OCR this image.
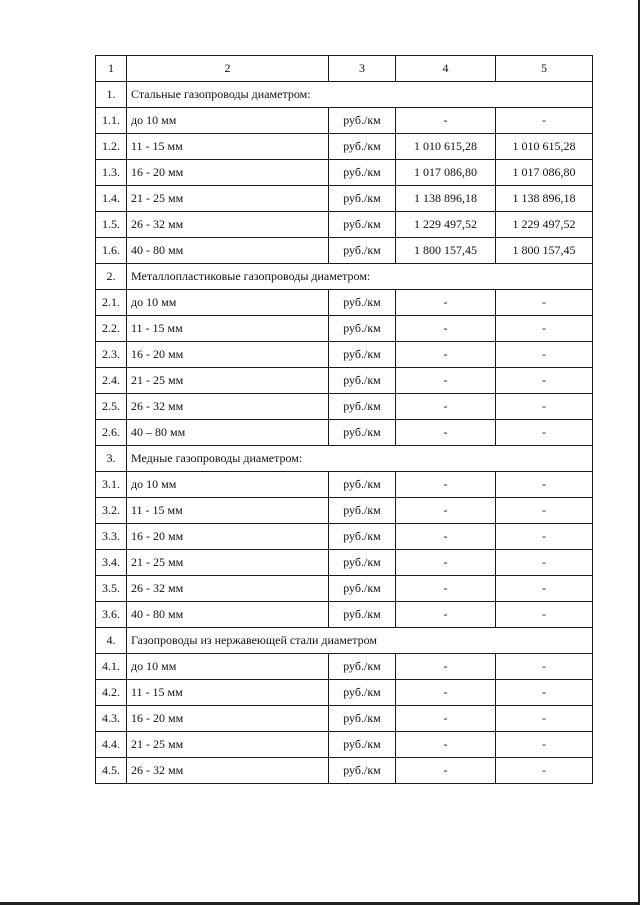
1	2	3	4	5
1.	Стальные газопроводы диаметром:			
1.1.	до 10 мм	руб./км	-	-
1.2.	11 - 15 мм	руб./км	1 010 615,28	1 010 615,28
1.3.	16 - 20 мм	руб./км	1 017 086,80	1 017 086,80
1.4.	21 - 25 мм	руб./км	1 138 896,18	1 138 896,18
1.5.	26 - 32 мм	руб./км	1 229 497,52	1 229 497,52
1.6.	40 - 80 мм	руб./км	1 800 157,45	1 800 157,45
2.	Металлопластиковые газопроводы диаметром:			
2.1.	до 10 мм	руб./км	-	-
2.2.	11 - 15 мм	руб./км	-	-
2.3.	16 - 20 мм	руб./км	-	-
2.4.	21 - 25 мм	руб./км	-	-
2.5.	26 - 32 мм	руб./км	-	-
2.6.	40 – 80 мм	руб./км	-	-
3.	Медные газопроводы диаметром:			
3.1.	до 10 мм	руб./км	-	-
3.2.	11 - 15 мм	руб./км	-	-
3.3.	16 - 20 мм	руб./км	-	-
3.4.	21 - 25 мм	руб./км	-	-
3.5.	26 - 32 мм	руб./км	-	-
3.6.	40 - 80 мм	руб./км	-	-
4.	Газопроводы из нержавеющей стали диаметром			
4.1.	до 10 мм	руб./км	-	-
4.2.	11 - 15 мм	руб./км	-	-
4.3.	16 - 20 мм	руб./км	-	-
4.4.	21 - 25 мм	руб./км	-	-
4.5.	26 - 32 мм	руб./км	-	-
